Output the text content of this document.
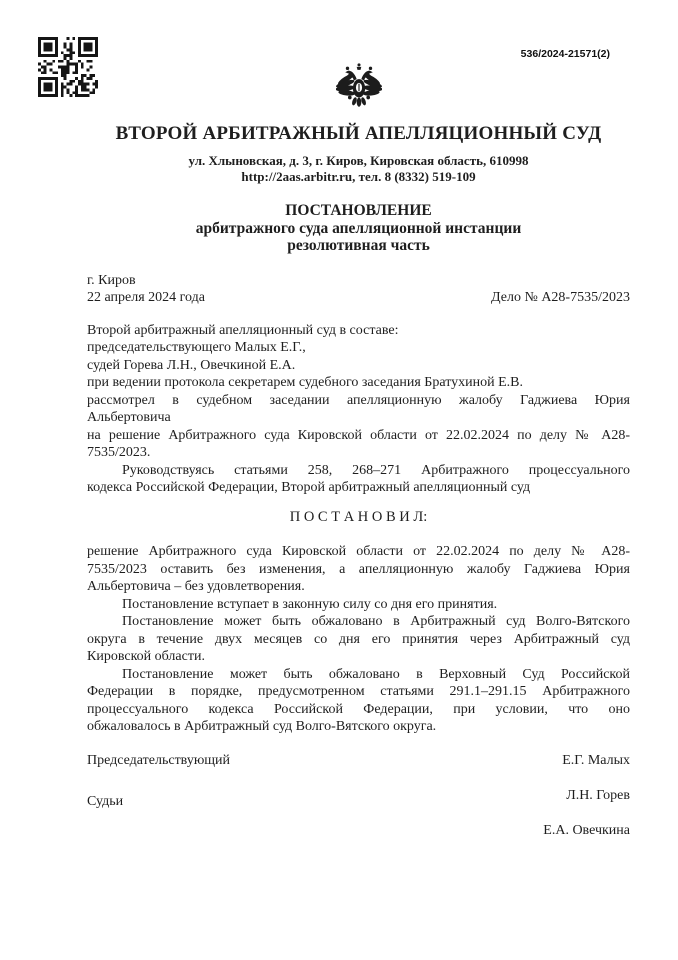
536/2024-21571(2)
ВТОРОЙ АРБИТРАЖНЫЙ АПЕЛЛЯЦИОННЫЙ СУД
ул. Хлыновская, д. 3, г. Киров, Кировская область, 610998
http://2aas.arbitr.ru, тел. 8 (8332) 519-109
ПОСТАНОВЛЕНИЕ
арбитражного суда апелляционной инстанции
резолютивная часть
г. Киров
22 апреля 2024 года	Дело № А28-7535/2023
Второй арбитражный апелляционный суд в составе:
председательствующего Малых Е.Г.,
судей Горева Л.Н., Овечкиной Е.А.
при ведении протокола секретарем судебного заседания Братухиной Е.В.
рассмотрел в судебном заседании апелляционную жалобу Гаджиева Юрия
Альбертовича
на решение Арбитражного суда Кировской области от 22.02.2024 по делу № А28-
7535/2023.
Руководствуясь статьями 258, 268–271 Арбитражного процессуального
кодекса Российской Федерации, Второй арбитражный апелляционный суд
П О С Т А Н О В И Л:
решение Арбитражного суда Кировской области от 22.02.2024 по делу № А28-
7535/2023 оставить без изменения, а апелляционную жалобу Гаджиева Юрия
Альбертовича – без удовлетворения.
Постановление вступает в законную силу со дня его принятия.
Постановление может быть обжаловано в Арбитражный суд Волго-Вятского
округа в течение двух месяцев со дня его принятия через Арбитражный суд
Кировской области.
Постановление может быть обжаловано в Верховный Суд Российской
Федерации в порядке, предусмотренном статьями 291.1–291.15 Арбитражного
процессуального кодекса Российской Федерации, при условии, что оно
обжаловалось в Арбитражный суд Волго-Вятского округа.
Председательствующий	Е.Г. Малых
Судьи	Л.Н. Горев
Е.А. Овечкина
